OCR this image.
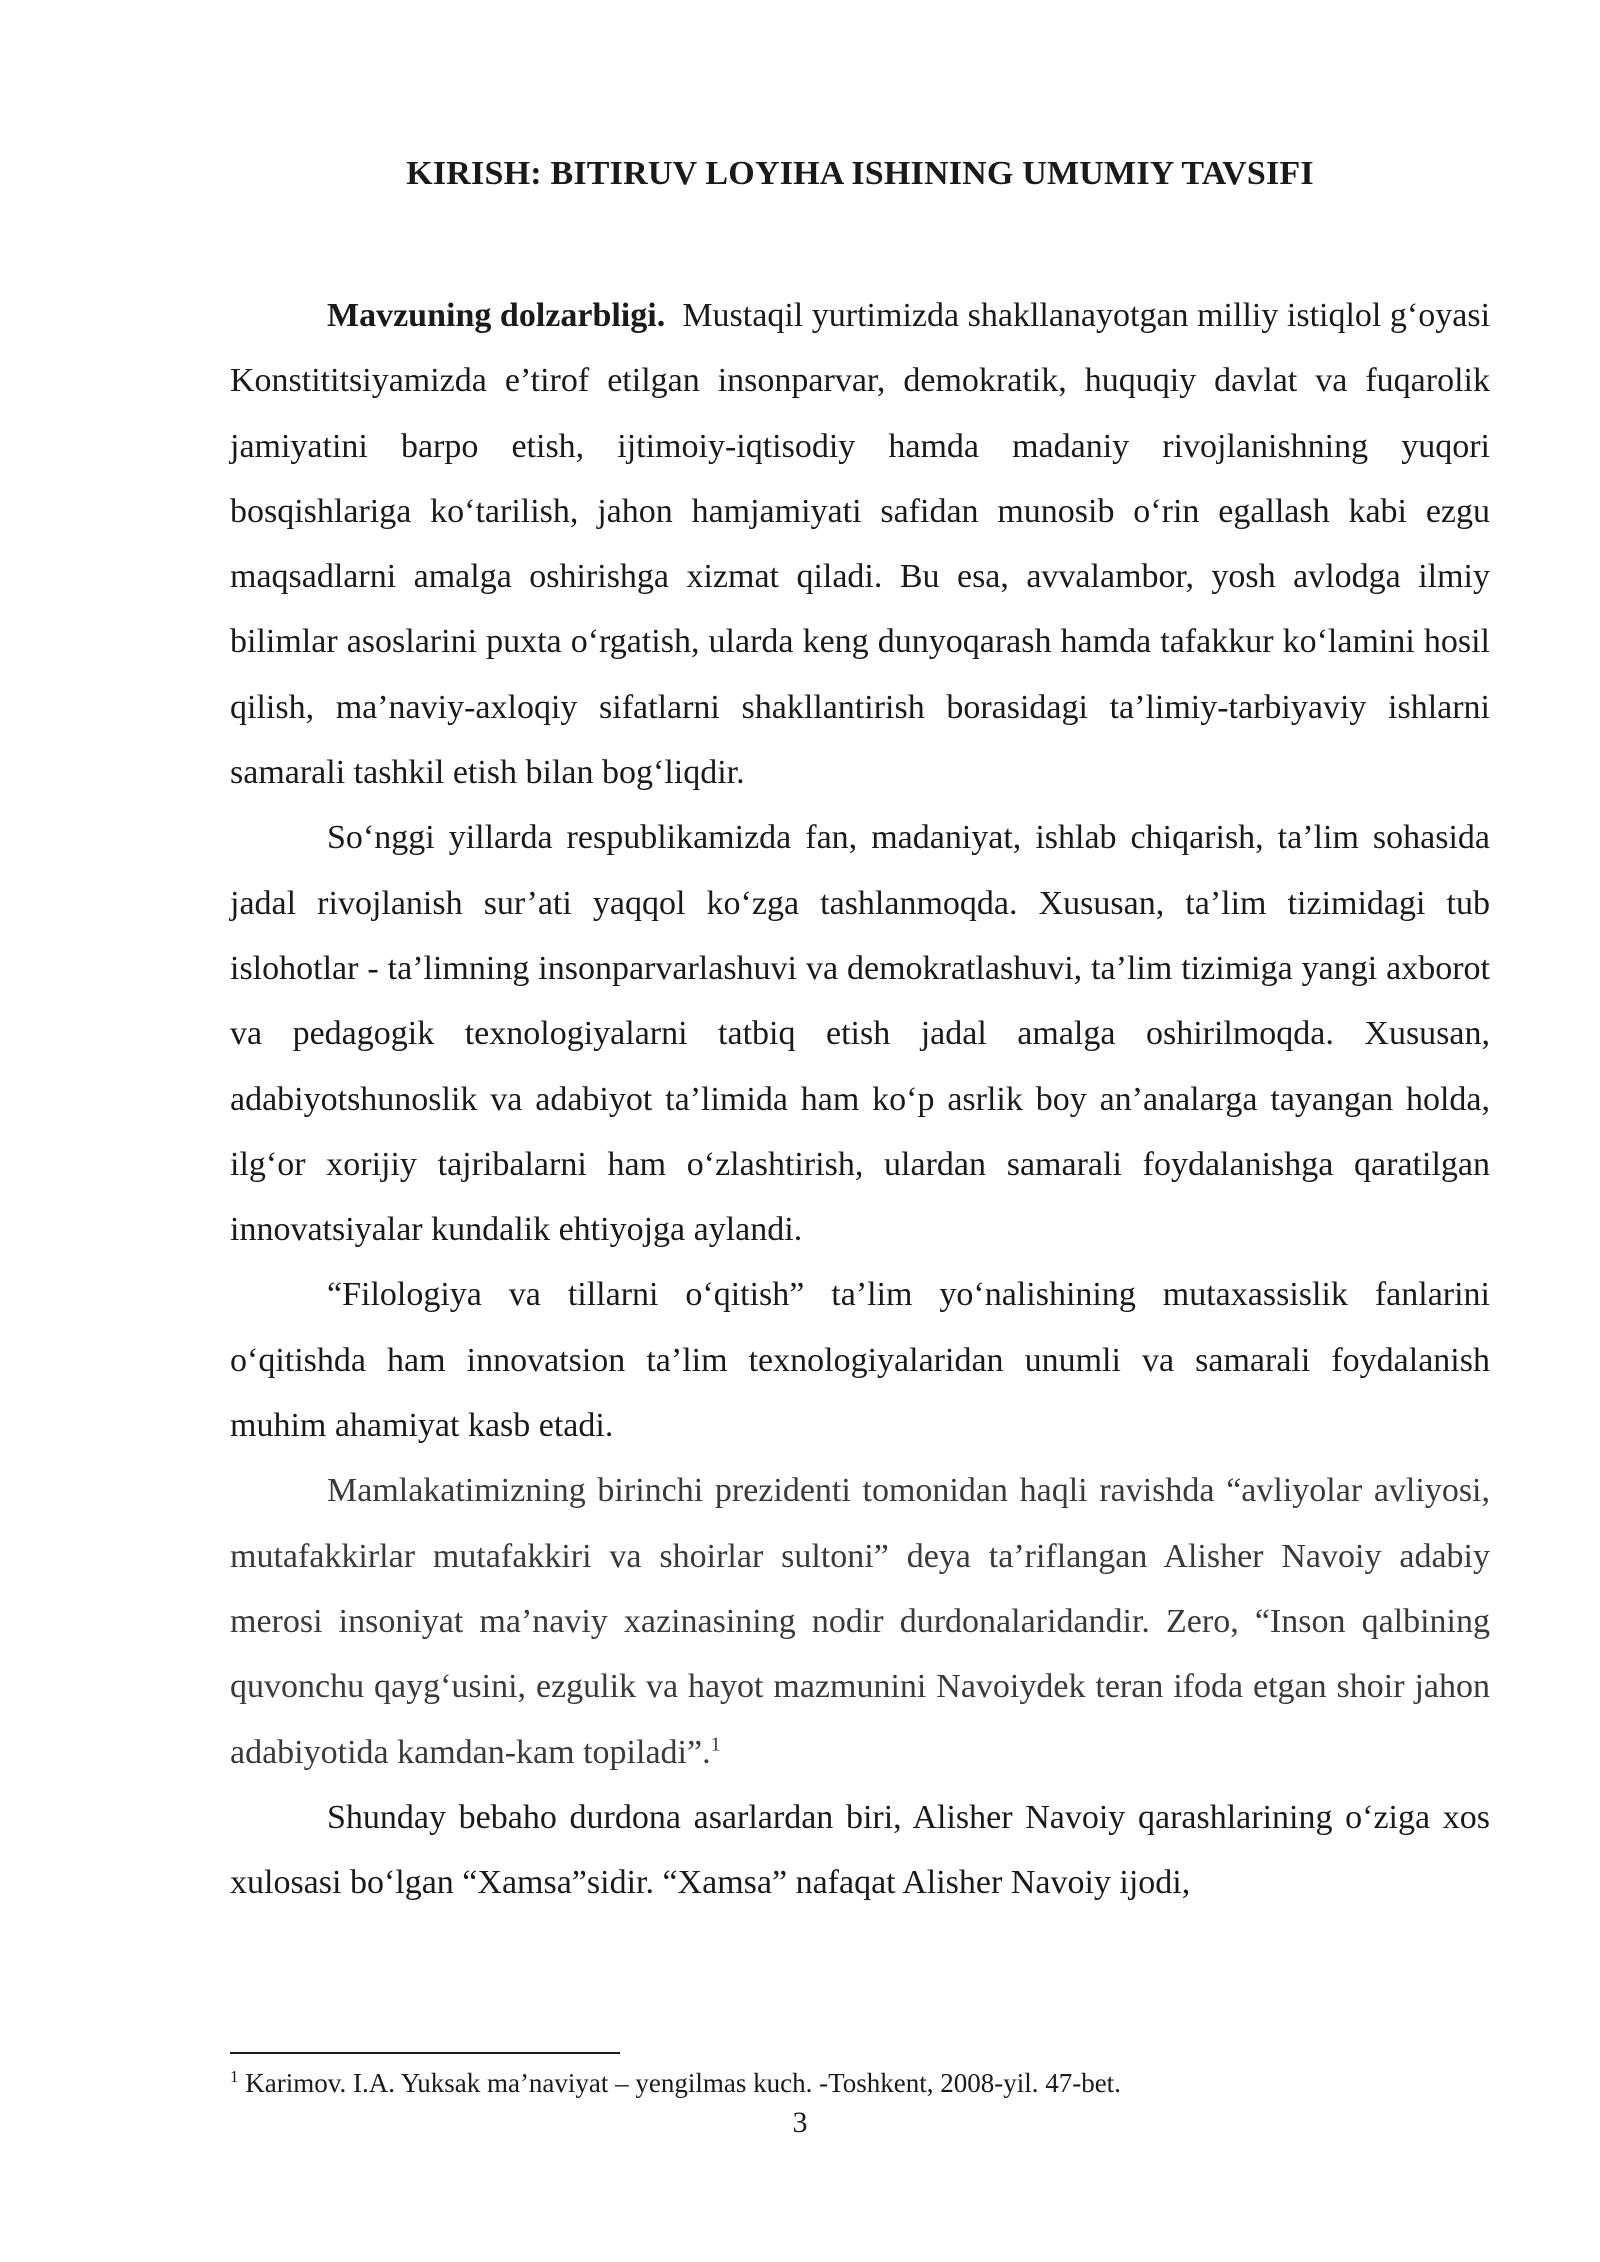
KIRISH: BITIRUV LOYIHA ISHINING UMUMIY TAVSIFI

Mavzuning dolzarbligi. Mustaqil yurtimizda shakllanayotgan milliy istiqlol g‘oyasi Konstititsiyamizda e’tirof etilgan insonparvar, demokratik, huquqiy davlat va fuqarolik jamiyatini barpo etish, ijtimoiy-iqtisodiy hamda madaniy rivojlanishning yuqori bosqishlariga ko‘tarilish, jahon hamjamiyati safidan munosib o‘rin egallash kabi ezgu maqsadlarni amalga oshirishga xizmat qiladi. Bu esa, avvalambor, yosh avlodga ilmiy bilimlar asoslarini puxta o‘rgatish, ularda keng dunyoqarash hamda tafakkur ko‘lamini hosil qilish, ma’naviy-axloqiy sifatlarni shakllantirish borasidagi ta’limiy-tarbiyaviy ishlarni samarali tashkil etish bilan bog‘liqdir.

So‘nggi yillarda respublikamizda fan, madaniyat, ishlab chiqarish, ta’lim sohasida jadal rivojlanish sur’ati yaqqol ko‘zga tashlanmoqda. Xususan, ta’lim tizimidagi tub islohotlar - ta’limning insonparvarlashuvi va demokratlashuvi, ta’lim tizimiga yangi axborot va pedagogik texnologiyalarni tatbiq etish jadal amalga oshirilmoqda. Xususan, adabiyotshunoslik va adabiyot ta’limida ham ko‘p asrlik boy an’analarga tayangan holda, ilg‘or xorijiy tajribalarni ham o‘zlashtirish, ulardan samarali foydalanishga qaratilgan innovatsiyalar kundalik ehtiyojga aylandi.

“Filologiya va tillarni o‘qitish” ta’lim yo‘nalishining mutaxassislik fanlarini o‘qitishda ham innovatsion ta’lim texnologiyalaridan unumli va samarali foydalanish muhim ahamiyat kasb etadi.

Mamlakatimizning birinchi prezidenti tomonidan haqli ravishda “avliyolar avliyosi, mutafakkirlar mutafakkiri va shoirlar sultoni” deya ta’riflangan Alisher Navoiy adabiy merosi insoniyat ma’naviy xazinasining nodir durdonalaridandir. Zero, “Inson qalbining quvonchu qayg‘usini, ezgulik va hayot mazmunini Navoiydek teran ifoda etgan shoir jahon adabiyotida kamdan-kam topiladi”.$^1$

Shunday bebaho durdona asarlardan biri, Alisher Navoiy qarashlarining o‘ziga xos xulosasi bo‘lgan “Xamsa”sidir. “Xamsa” nafaqat Alisher Navoiy ijodi,

$^1$ Karimov. I.A. Yuksak ma’naviyat – yengilmas kuch. -Toshkent, 2008-yil. 47-bet.

3
